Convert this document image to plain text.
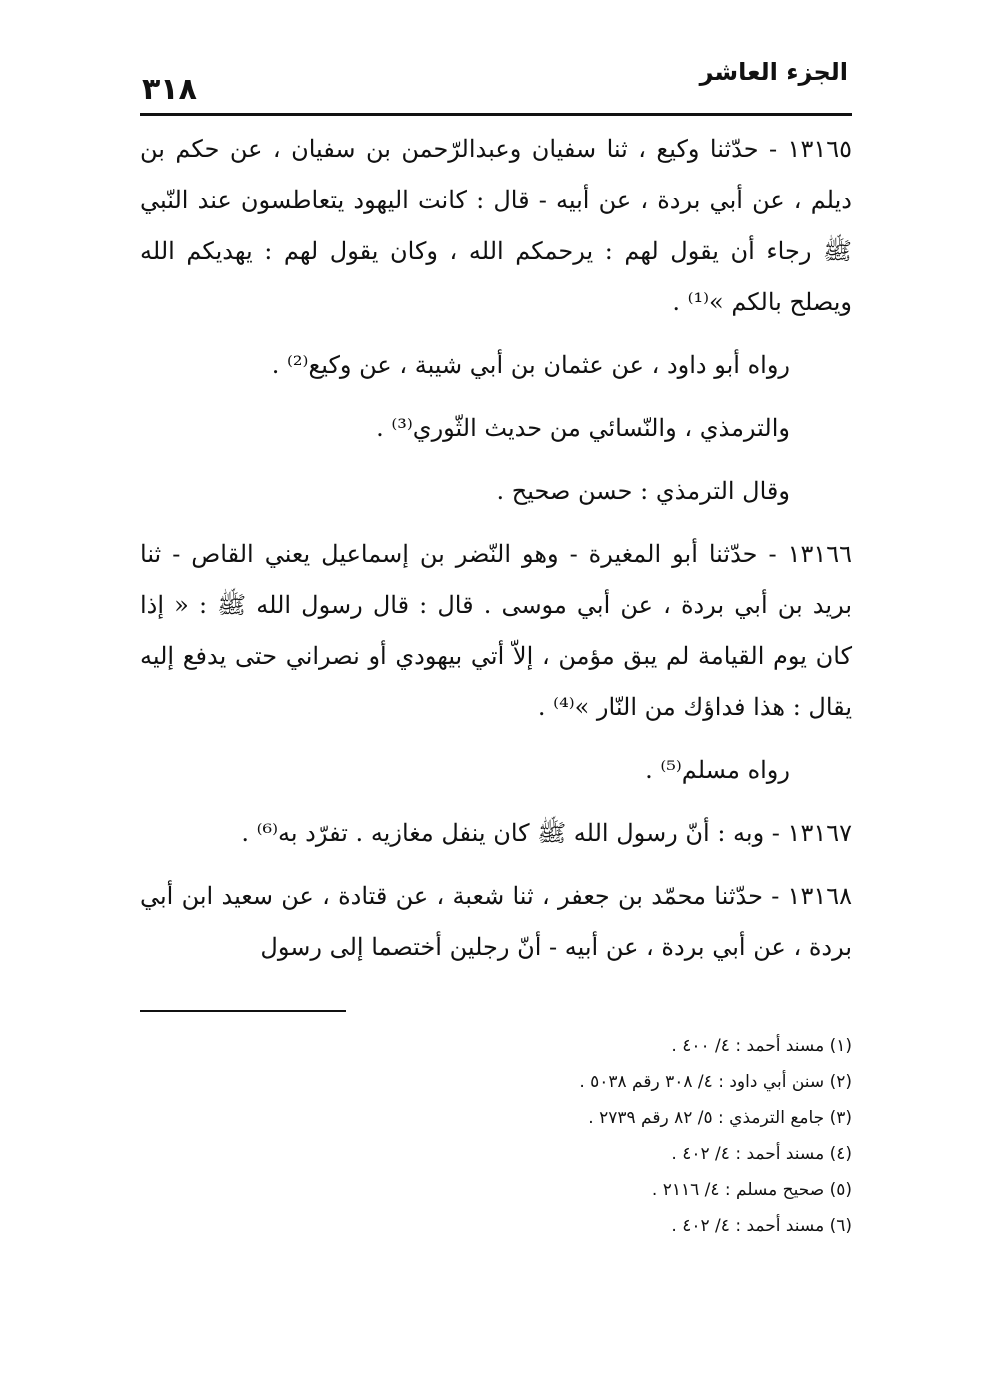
الجزء العاشر
٣١٨

١٣١٦٥ - حدّثنا وكيع ، ثنا سفيان وعبدالرّحمن بن سفيان ، عن حكم بن ديلم ، عن أبي بردة ، عن أبيه - قال : كانت اليهود يتعاطسون عند النّبي ﷺ رجاء أن يقول لهم : يرحمكم الله ، وكان يقول لهم : يهديكم الله ويصلح بالكم »⁽¹⁾ .

رواه أبو داود ، عن عثمان بن أبي شيبة ، عن وكيع⁽²⁾ .

والترمذي ، والنّسائي من حديث الثّوري⁽³⁾ .

وقال الترمذي : حسن صحيح .

١٣١٦٦ - حدّثنا أبو المغيرة - وهو النّضر بن إسماعيل يعني القاص - ثنا بريد بن أبي بردة ، عن أبي موسى . قال : قال رسول الله ﷺ : « إذا كان يوم القيامة لم يبق مؤمن ، إلاّ أتي بيهودي أو نصراني حتى يدفع إليه يقال : هذا فداؤك من النّار »⁽⁴⁾ .

رواه مسلم⁽⁵⁾ .

١٣١٦٧ - وبه : أنّ رسول الله ﷺ كان ينفل مغازيه . تفرّد به⁽⁶⁾ .

١٣١٦٨ - حدّثنا محمّد بن جعفر ، ثنا شعبة ، عن قتادة ، عن سعيد ابن أبي بردة ، عن أبي بردة ، عن أبيه - أنّ رجلين أختصما إلى رسول

(١) مسند أحمد : ٤/ ٤٠٠ .

(٢) سنن أبي داود : ٤/ ٣٠٨ رقم ٥٠٣٨ .

(٣) جامع الترمذي : ٥/ ٨٢ رقم ٢٧٣٩ .

(٤) مسند أحمد : ٤/ ٤٠٢ .

(٥) صحيح مسلم : ٤/ ٢١١٦ .

(٦) مسند أحمد : ٤/ ٤٠٢ .
